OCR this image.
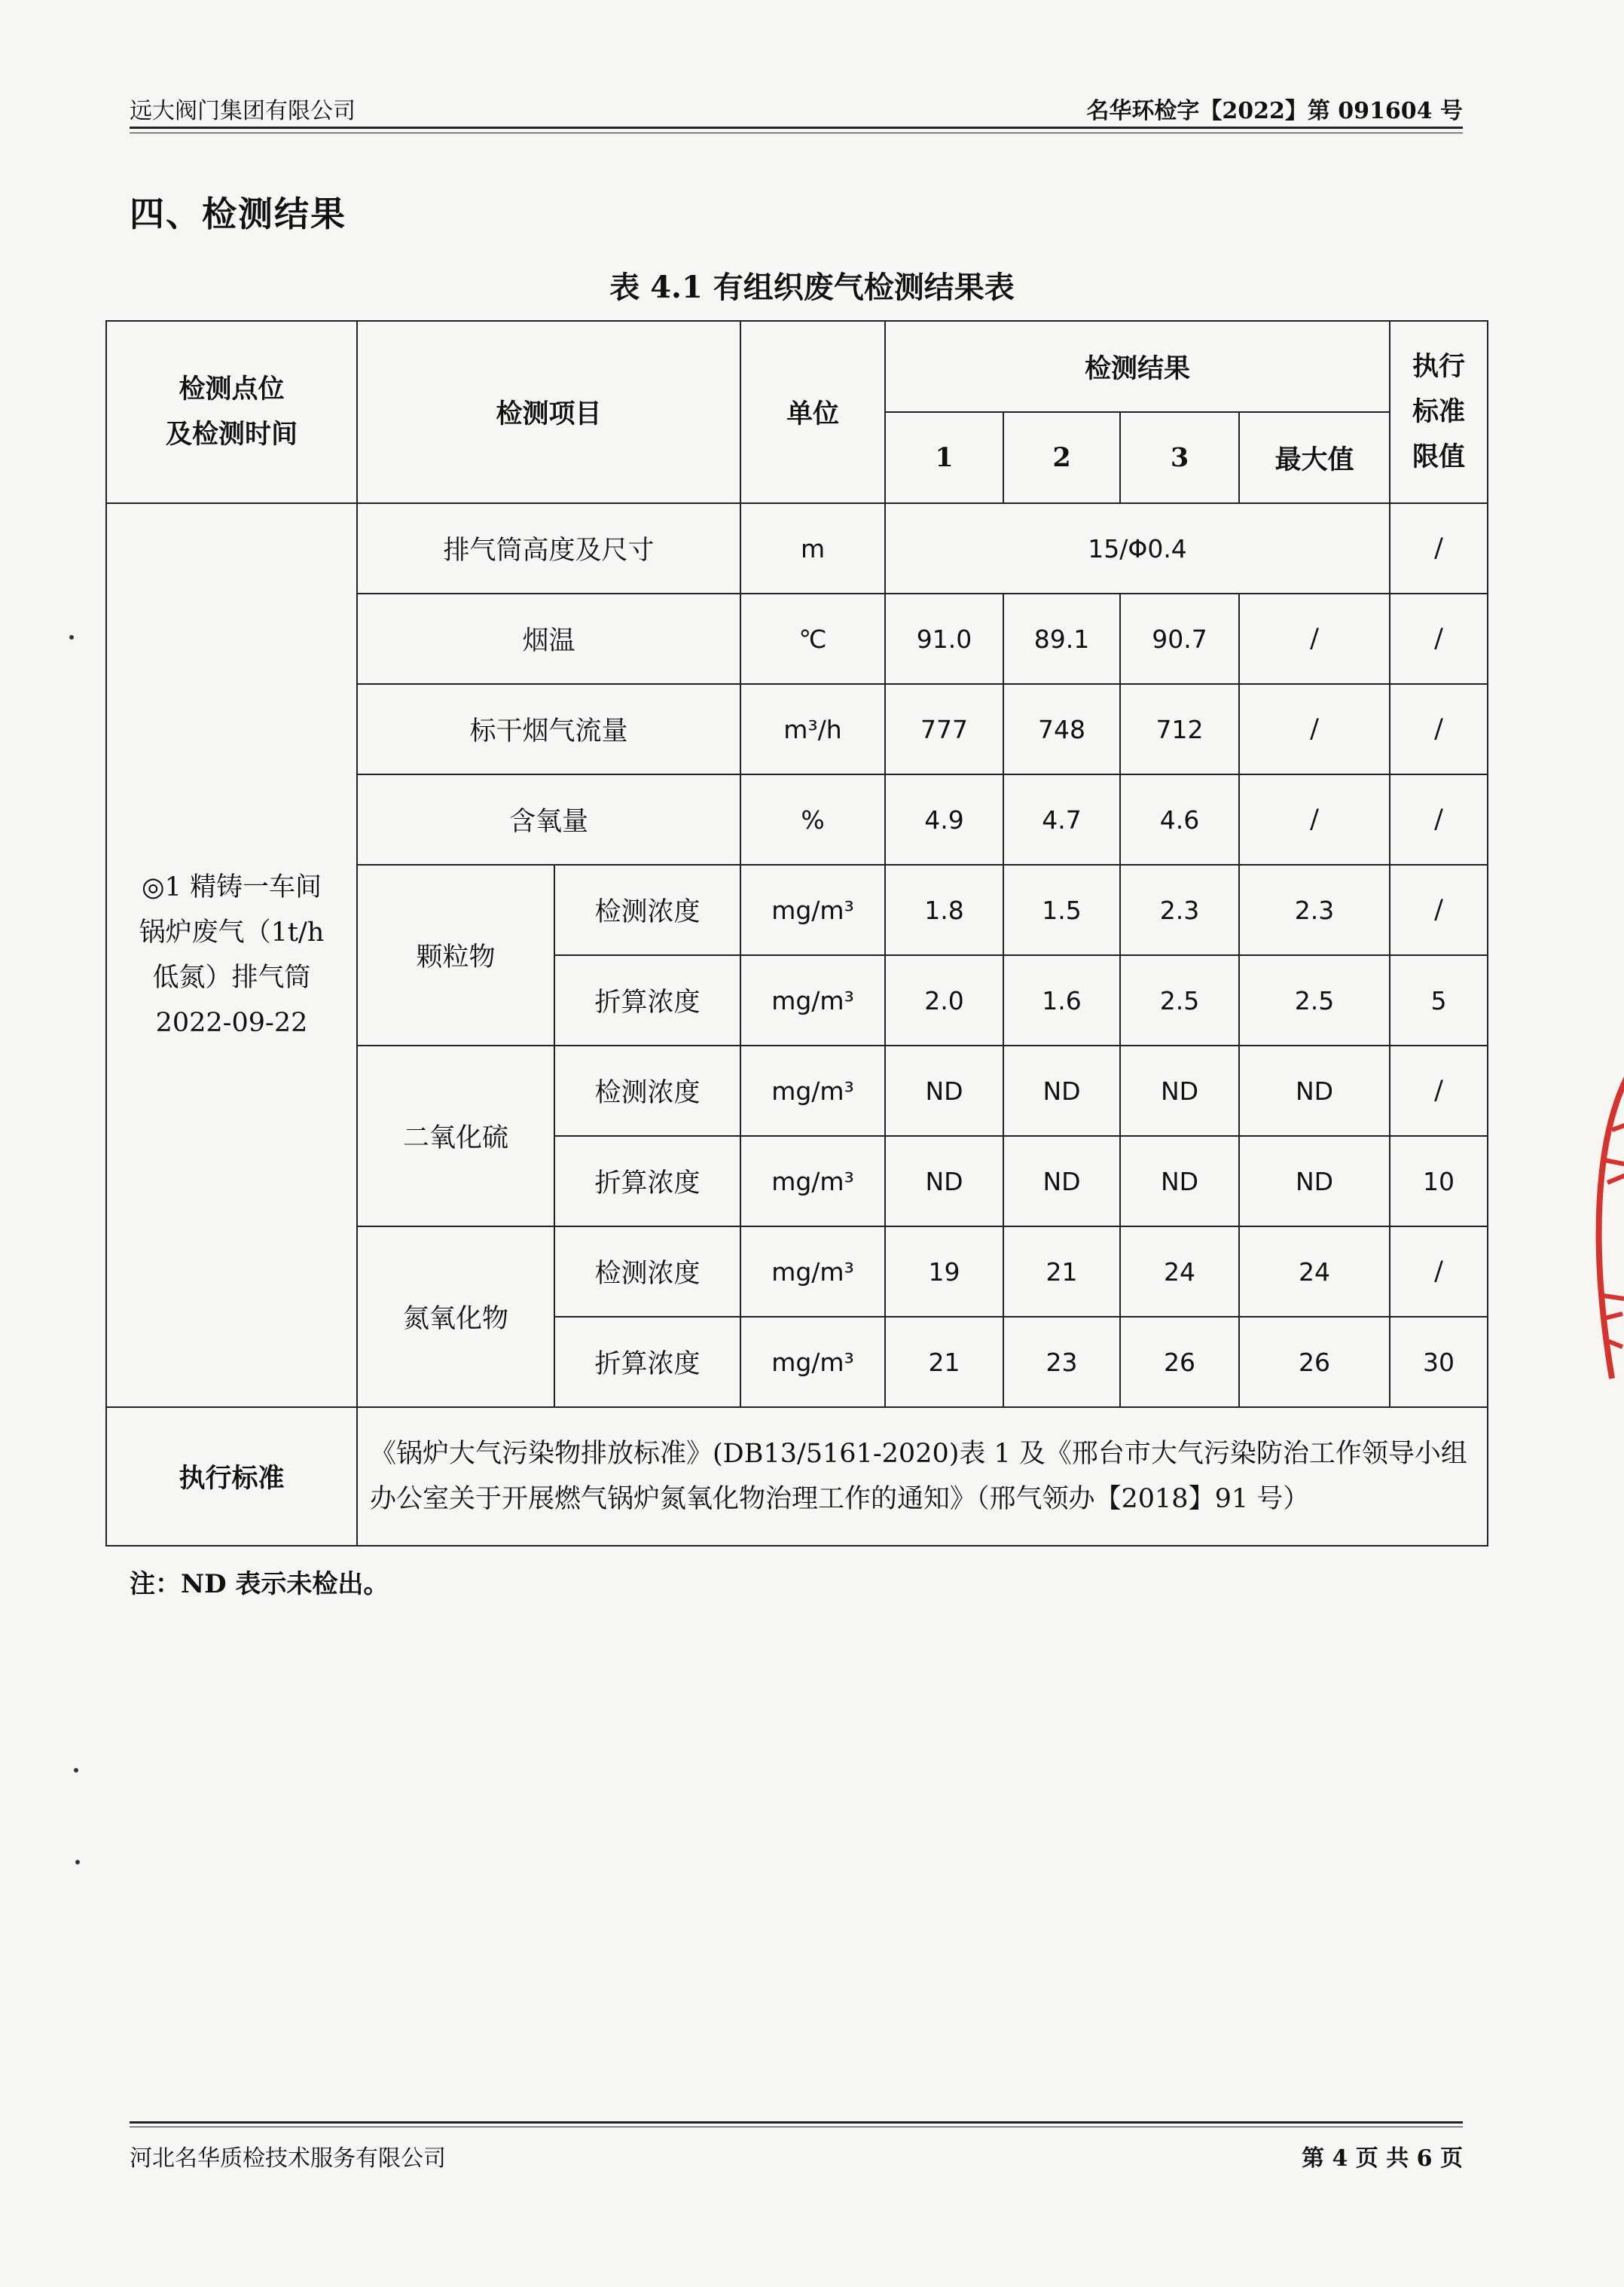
远大阀门集团有限公司	名华环检字【2022】第 091604 号
四、检测结果
表 4.1 有组织废气检测结果表
检测点位
及检测时间	检测项目		单位	检测结果				执行
标准
限值
				1	2	3	最大值	
◎1 精铸一车间
锅炉废气（1t/h
低氮）排气筒
2022-09-22	排气筒高度及尺寸		m	15/Φ0.4				/
	烟温		℃	91.0	89.1	90.7	/	/
	标干烟气流量		m³/h	777	748	712	/	/
	含氧量		%	4.9	4.7	4.6	/	/
	颗粒物	检测浓度	mg/m³	1.8	1.5	2.3	2.3	/
		折算浓度	mg/m³	2.0	1.6	2.5	2.5	5
	二氧化硫	检测浓度	mg/m³	ND	ND	ND	ND	/
		折算浓度	mg/m³	ND	ND	ND	ND	10
	氮氧化物	检测浓度	mg/m³	19	21	24	24	/
		折算浓度	mg/m³	21	23	26	26	30
执行标准	《锅炉大气污染物排放标准》(DB13/5161-2020)表 1 及《邢台市大气污染防治工作领导小组办公室关于开展燃气锅炉氮氧化物治理工作的通知》（邢气领办【2018】91 号）							
注：ND 表示未检出。
河北名华质检技术服务有限公司	第 4 页 共 6 页
